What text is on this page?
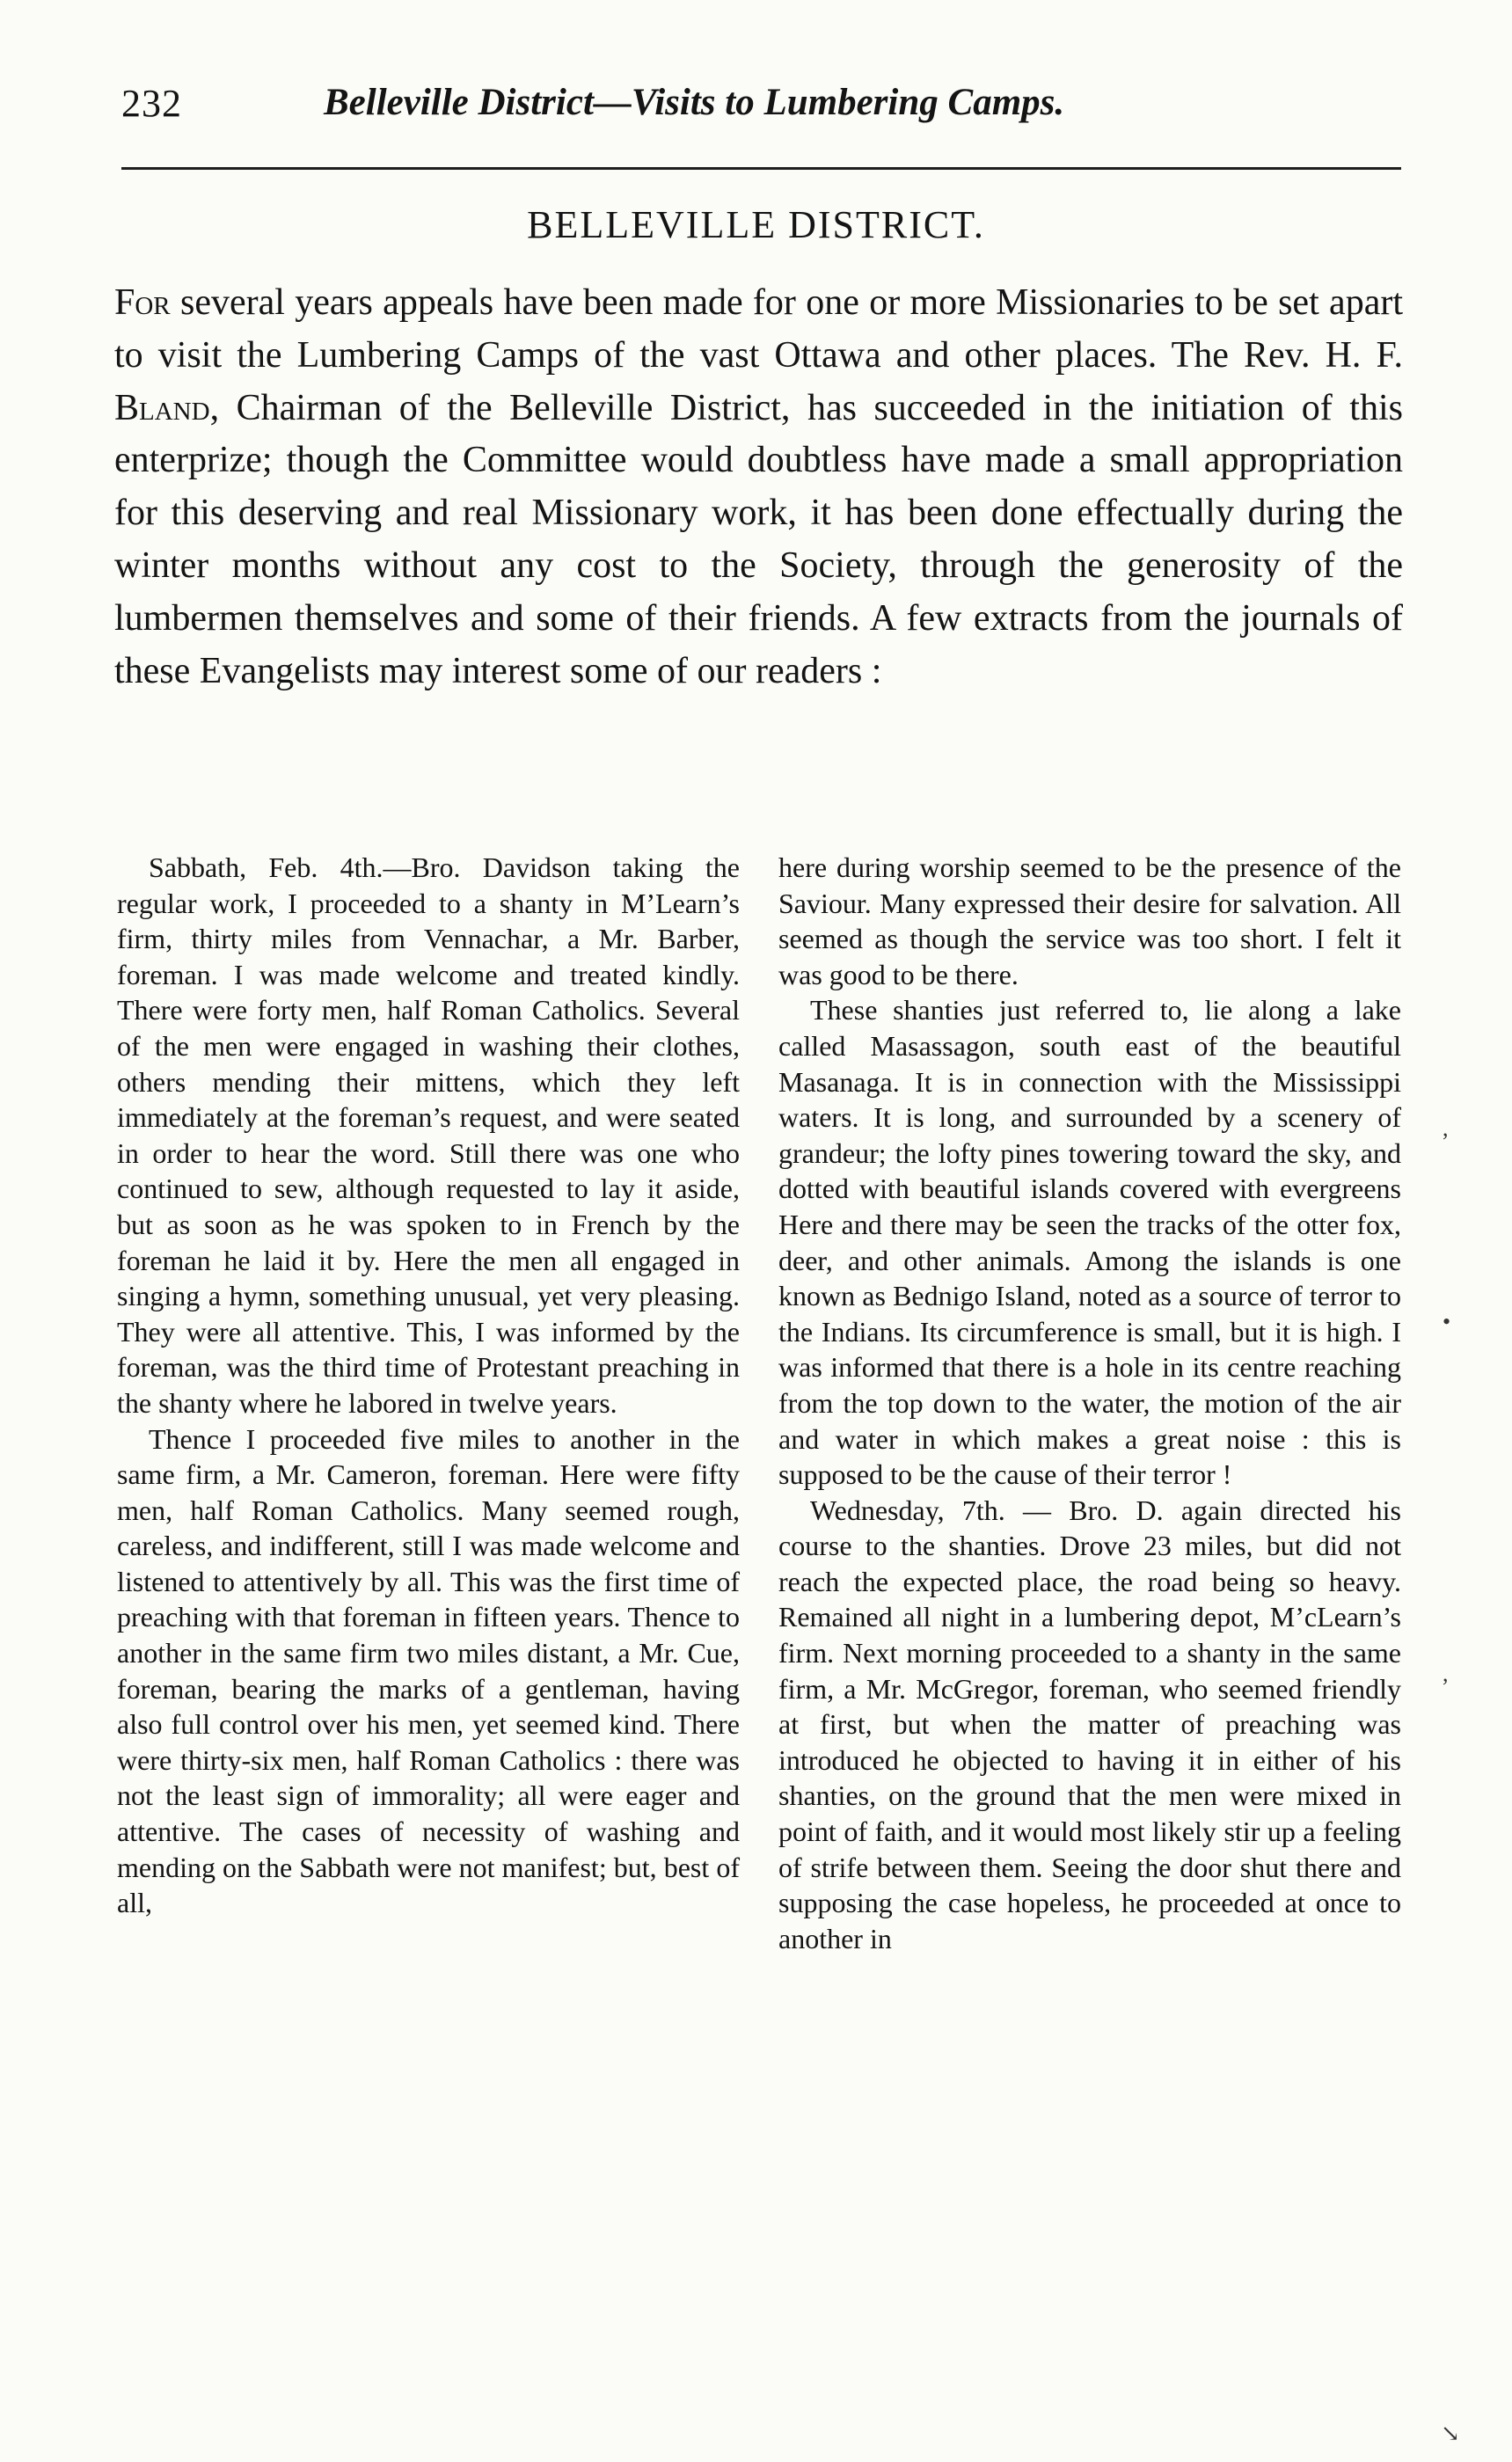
232	Belleville District—Visits to Lumbering Camps.
BELLEVILLE DISTRICT.

For several years appeals have been made for one or more Missionaries to be set apart to visit the Lumbering Camps of the vast Ottawa and other places. The Rev. H. F. Bland, Chairman of the Belleville District, has succeeded in the initiation of this enterprize; though the Committee would doubtless have made a small appropriation for this deserving and real Missionary work, it has been done effectually during the winter months without any cost to the Society, through the generosity of the lumbermen themselves and some of their friends. A few extracts from the journals of these Evangelists may interest some of our readers :

Sabbath, Feb. 4th.—Bro. Davidson taking the regular work, I proceeded to a shanty in M’Learn’s firm, thirty miles from Vennachar, a Mr. Barber, foreman. I was made welcome and treated kindly. There were forty men, half Roman Catholics. Several of the men were engaged in washing their clothes, others mending their mittens, which they left immediately at the foreman’s request, and were seated in order to hear the word. Still there was one who continued to sew, although requested to lay it aside, but as soon as he was spoken to in French by the foreman he laid it by. Here the men all engaged in singing a hymn, something unusual, yet very pleasing. They were all attentive. This, I was informed by the foreman, was the third time of Protestant preaching in the shanty where he labored in twelve years.

Thence I proceeded five miles to another in the same firm, a Mr. Cameron, foreman. Here were fifty men, half Roman Catholics. Many seemed rough, careless, and indifferent, still I was made welcome and listened to attentively by all. This was the first time of preaching with that foreman in fifteen years. Thence to another in the same firm two miles distant, a Mr. Cue, foreman, bearing the marks of a gentleman, having also full control over his men, yet seemed kind. There were thirty-six men, half Roman Catholics : there was not the least sign of immorality; all were eager and attentive. The cases of necessity of washing and mending on the Sabbath were not manifest; but, best of all,

here during worship seemed to be the presence of the Saviour. Many expressed their desire for salvation. All seemed as though the service was too short. I felt it was good to be there.

These shanties just referred to, lie along a lake called Masassagon, south east of the beautiful Masanaga. It is in connection with the Mississippi waters. It is long, and surrounded by a scenery of grandeur; the lofty pines towering toward the sky, and dotted with beautiful islands covered with evergreens Here and there may be seen the tracks of the otter fox, deer, and other animals. Among the islands is one known as Bednigo Island, noted as a source of terror to the Indians. Its circumference is small, but it is high. I was informed that there is a hole in its centre reaching from the top down to the water, the motion of the air and water in which makes a great noise : this is supposed to be the cause of their terror !

Wednesday, 7th. — Bro. D. again directed his course to the shanties. Drove 23 miles, but did not reach the expected place, the road being so heavy. Remained all night in a lumbering depot, M’cLearn’s firm. Next morning proceeded to a shanty in the same firm, a Mr. McGregor, foreman, who seemed friendly at first, but when the matter of preaching was introduced he objected to having it in either of his shanties, on the ground that the men were mixed in point of faith, and it would most likely stir up a feeling of strife between them. Seeing the door shut there and supposing the case hopeless, he proceeded at once to another in

,
•
,
↘
